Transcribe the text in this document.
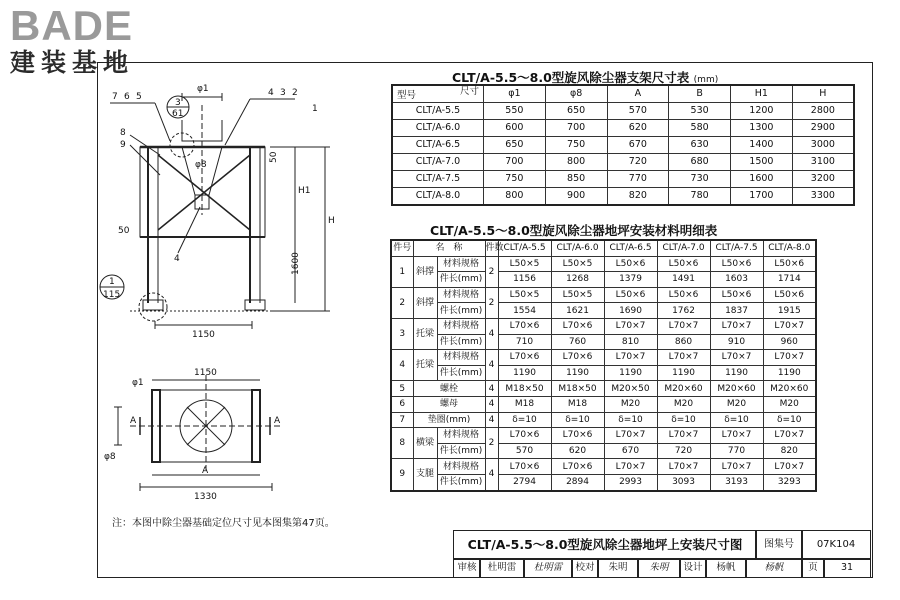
BADE
建装基地
φ1
φ8
H1
H
1150
1600
50
50
3
61
1
115
7 6 5	4 3 2
1
8
9
4
1150
φ1
φ8
A
1330
A	A
注：本图中除尘器基础定位尺寸见本图集第47页。
CLT/A-5.5～8.0型旋风除尘器支架尺寸表 (mm)
尺寸
型号	φ1	φ8	A	B	H1	H
CLT/A-5.5	550	650	570	530	1200	2800
CLT/A-6.0	600	700	620	580	1300	2900
CLT/A-6.5	650	750	670	630	1400	3000
CLT/A-7.0	700	800	720	680	1500	3100
CLT/A-7.5	750	850	770	730	1600	3200
CLT/A-8.0	800	900	820	780	1700	3300
CLT/A-5.5～8.0型旋风除尘器地坪安装材料明细表
件号	名　称		件数	CLT/A-5.5	CLT/A-6.0	CLT/A-6.5	CLT/A-7.0	CLT/A-7.5	CLT/A-8.0
1	斜撑	材料规格	2	L50×5	L50×5	L50×6	L50×6	L50×6	L50×6
		件长(mm)		1156	1268	1379	1491	1603	1714
2	斜撑	材料规格	2	L50×5	L50×5	L50×6	L50×6	L50×6	L50×6
		件长(mm)		1554	1621	1690	1762	1837	1915
3	托梁	材料规格	4	L70×6	L70×6	L70×7	L70×7	L70×7	L70×7
		件长(mm)		710	760	810	860	910	960
4	托梁	材料规格	4	L70×6	L70×6	L70×7	L70×7	L70×7	L70×7
		件长(mm)		1190	1190	1190	1190	1190	1190
5	螺栓		4	M18×50	M18×50	M20×50	M20×60	M20×60	M20×60
6	螺母		4	M18	M18	M20	M20	M20	M20
7	垫圈(mm)		4	δ=10	δ=10	δ=10	δ=10	δ=10	δ=10
8	横梁	材料规格	2	L70×6	L70×6	L70×7	L70×7	L70×7	L70×7
		件长(mm)		570	620	670	720	770	820
9	支腿	材料规格	4	L70×6	L70×6	L70×7	L70×7	L70×7	L70×7
		件长(mm)		2794	2894	2993	3093	3193	3293
CLT/A-5.5～8.0型旋风除尘器地坪上安装尺寸图	图集号	07K104
审核	杜明雷	杜明雷	校对	朱明	朱明	设计	杨帆	杨帆	页	31
